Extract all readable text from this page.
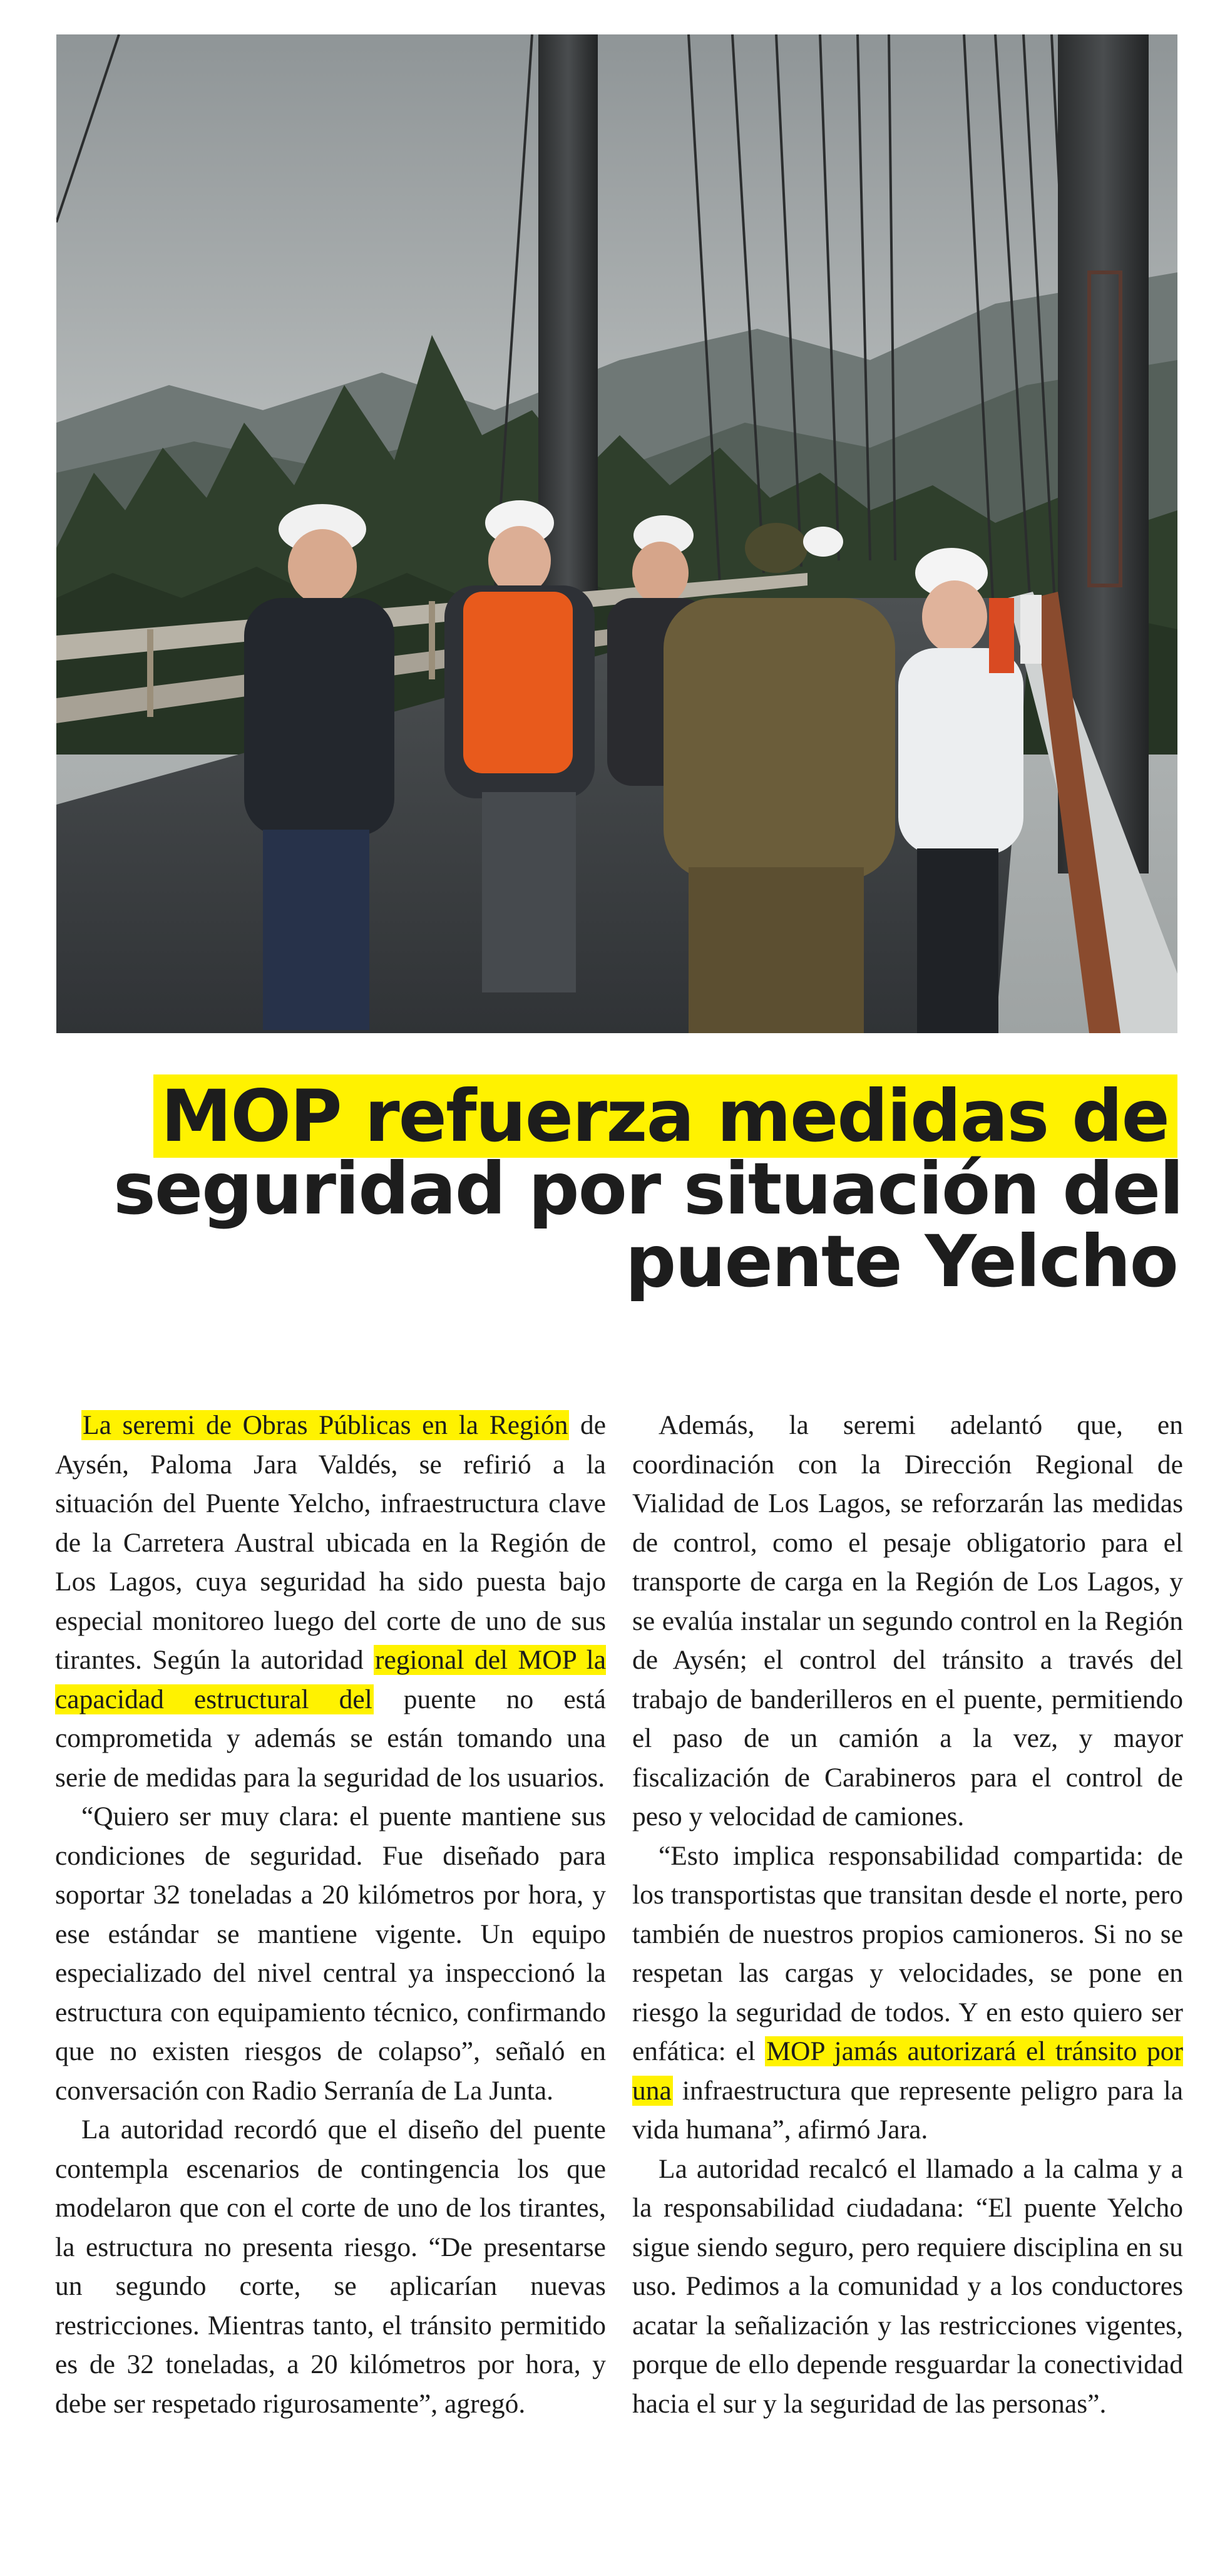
MOP refuerza medidas de
seguridad por situación del
puente Yelcho

La seremi de Obras Públicas en la Región de Aysén, Paloma Jara Valdés, se refirió a la situación del Puente Yelcho, infraestructura clave de la Carretera Austral ubicada en la Región de Los Lagos, cuya seguridad ha sido puesta bajo especial monitoreo luego del corte de uno de sus tirantes. Según la autoridad regional del MOP la capacidad estructural del puente no está comprometida y además se están tomando una serie de medidas para la seguridad de los usuarios.

“Quiero ser muy clara: el puente mantiene sus condiciones de seguridad. Fue diseñado para soportar 32 toneladas a 20 kilómetros por hora, y ese estándar se mantiene vigente. Un equipo especializado del nivel central ya inspeccionó la estructura con equipamiento técnico, confirmando que no existen riesgos de colapso”, señaló en conversación con Radio Serranía de La Junta.

La autoridad recordó que el diseño del puente contempla escenarios de contingencia los que modelaron que con el corte de uno de los tirantes, la estructura no presenta riesgo. “De presentarse un segundo corte, se aplicarían nuevas restricciones. Mientras tanto, el tránsito permitido es de 32 toneladas, a 20 kilómetros por hora, y debe ser respetado rigurosamente”, agregó.

Además, la seremi adelantó que, en coordinación con la Dirección Regional de Vialidad de Los Lagos, se reforzarán las medidas de control, como el pesaje obligatorio para el transporte de carga en la Región de Los Lagos, y se evalúa instalar un segundo control en la Región de Aysén; el control del tránsito a través del trabajo de banderilleros en el puente, permitiendo el paso de un camión a la vez, y mayor fiscalización de Carabineros para el control de peso y velocidad de camiones.

“Esto implica responsabilidad compartida: de los transportistas que transitan desde el norte, pero también de nuestros propios camioneros. Si no se respetan las cargas y velocidades, se pone en riesgo la seguridad de todos. Y en esto quiero ser enfática: el MOP jamás autorizará el tránsito por una infraestructura que represente peligro para la vida humana”, afirmó Jara.

La autoridad recalcó el llamado a la calma y a la responsabilidad ciudadana: “El puente Yelcho sigue siendo seguro, pero requiere disciplina en su uso. Pedimos a la comunidad y a los conductores acatar la señalización y las restricciones vigentes, porque de ello depende resguardar la conectividad hacia el sur y la seguridad de las personas”.
